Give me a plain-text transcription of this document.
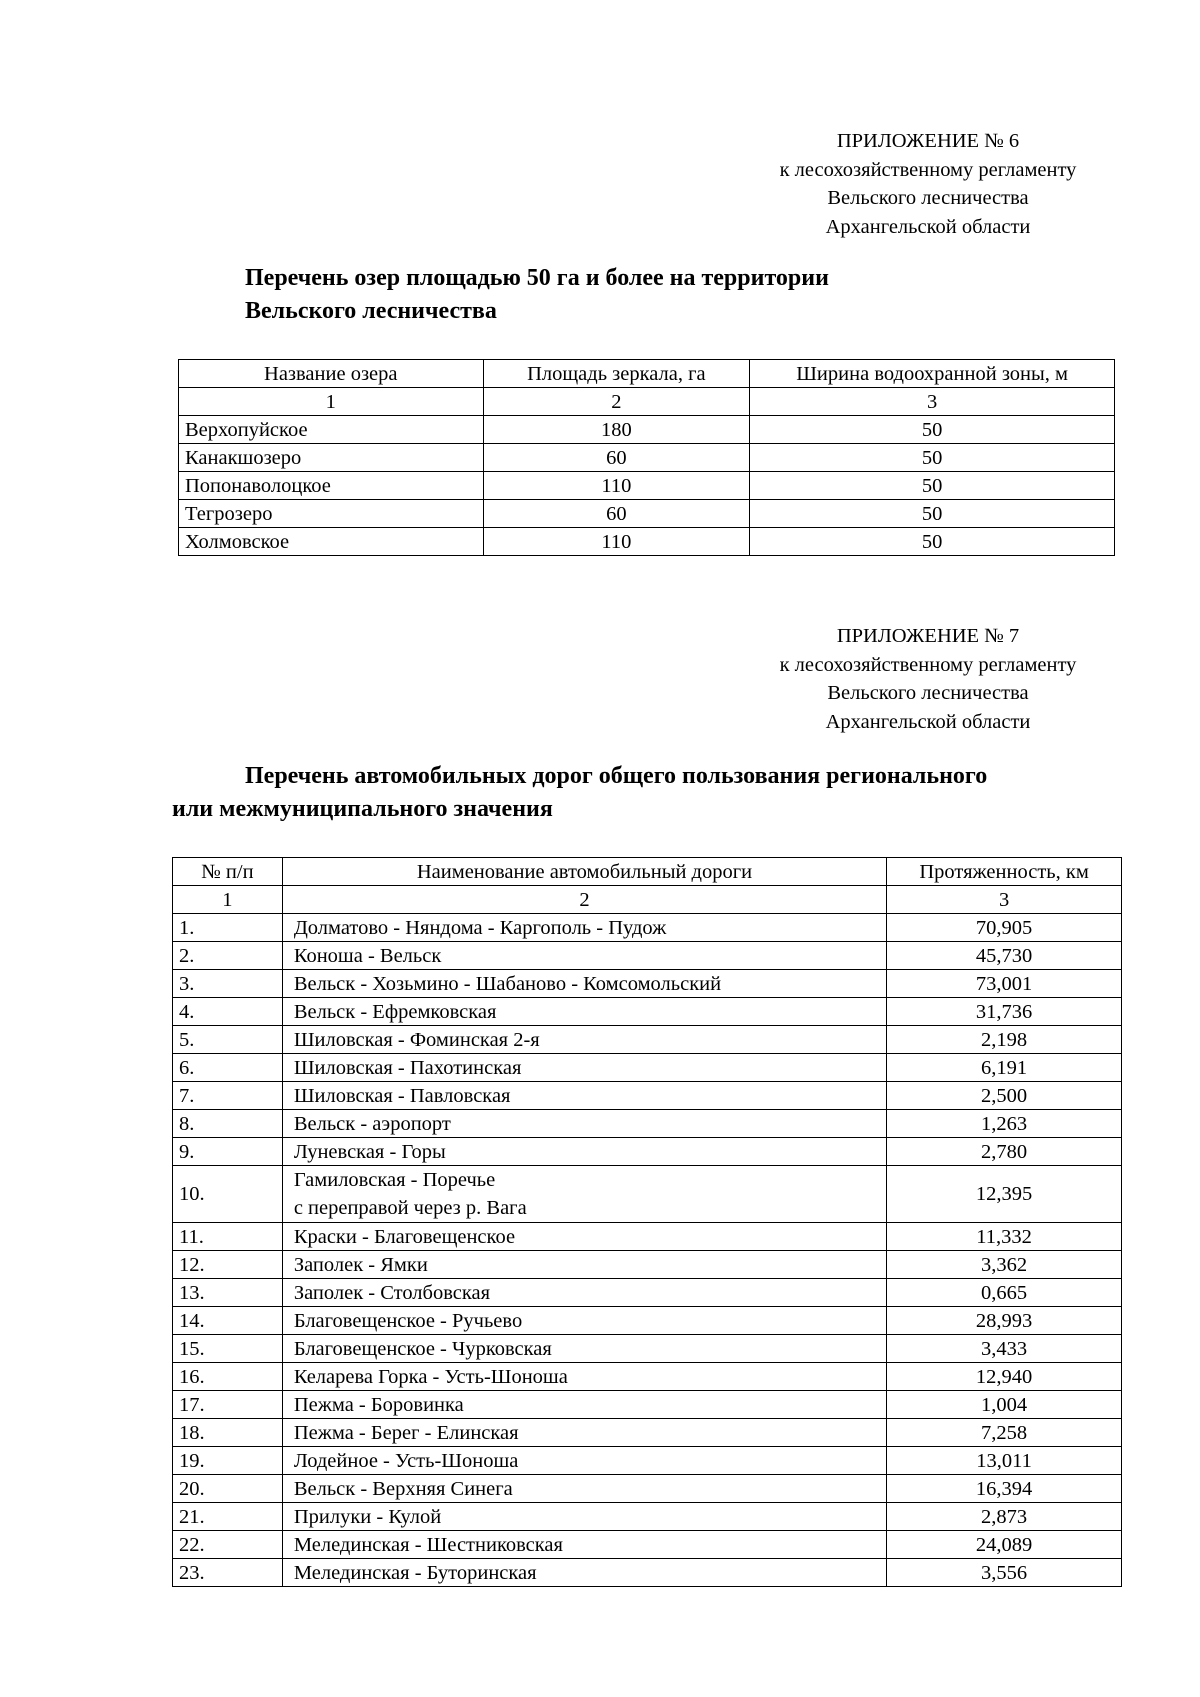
ПРИЛОЖЕНИЕ № 6
к лесохозяйственному регламенту
Вельского лесничества
Архангельской области
Перечень озер площадью 50 га и более на территории
Вельского лесничества
Название озера	Площадь зеркала, га	Ширина водоохранной зоны, м
1	2	3
Верхопуйское	180	50
Канакшозеро	60	50
Попонаволоцкое	110	50
Тегрозеро	60	50
Холмовское	110	50
ПРИЛОЖЕНИЕ № 7
к лесохозяйственному регламенту
Вельского лесничества
Архангельской области
Перечень автомобильных дорог общего пользования регионального
или межмуниципального значения
№ п/п	Наименование автомобильный дороги	Протяженность, км
1	2	3
1.	Долматово - Няндома - Каргополь - Пудож	70,905
2.	Коноша - Вельск	45,730
3.	Вельск - Хозьмино - Шабаново - Комсомольский	73,001
4.	Вельск - Ефремковская	31,736
5.	Шиловская - Фоминская 2-я	2,198
6.	Шиловская - Пахотинская	6,191
7.	Шиловская - Павловская	2,500
8.	Вельск - аэропорт	1,263
9.	Луневская - Горы	2,780
10.	Гамиловская - Поречье
с переправой через р. Вага	12,395
11.	Краски - Благовещенское	11,332
12.	Заполек - Ямки	3,362
13.	Заполек - Столбовская	0,665
14.	Благовещенское - Ручьево	28,993
15.	Благовещенское - Чурковская	3,433
16.	Келарева Горка - Усть-Шоноша	12,940
17.	Пежма - Боровинка	1,004
18.	Пежма - Берег - Елинская	7,258
19.	Лодейное - Усть-Шоноша	13,011
20.	Вельск - Верхняя Синега	16,394
21.	Прилуки - Кулой	2,873
22.	Мелединская - Шестниковская	24,089
23.	Мелединская - Буторинская	3,556
